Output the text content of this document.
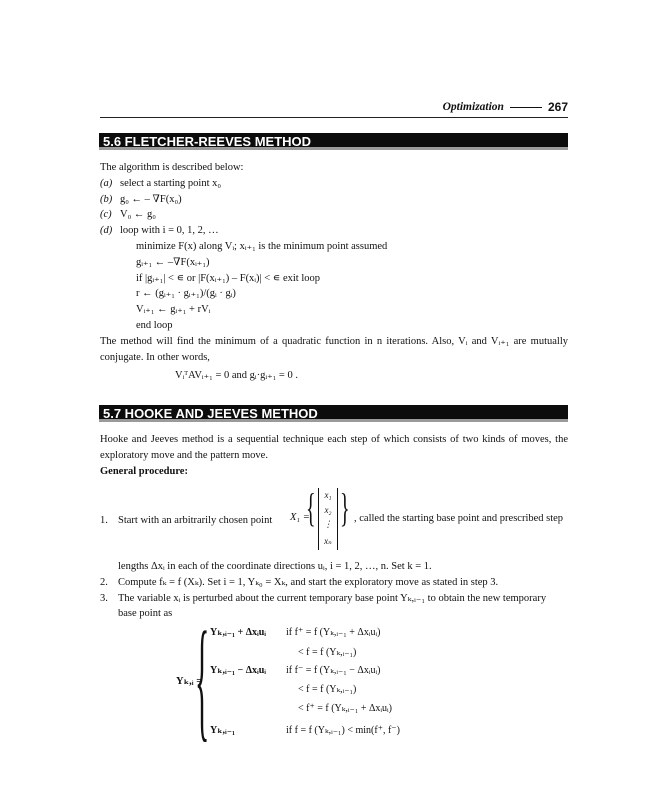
Optimization	267
5.6 FLETCHER-REEVES METHOD
The algorithm is described below:
(a) select a starting point x₀
(b) g₀ ← – ∇F(x₀)
(c) V₀ ← g₀
(d) loop with i = 0, 1, 2, …
minimize F(x) along Vᵢ; xᵢ₊₁ is the minimum point assumed
gᵢ₊₁ ← –∇F(xᵢ₊₁)
if |gᵢ₊₁| < ∊ or |F(xᵢ₊₁) – F(xᵢ)| < ∊ exit loop
r ← (gᵢ₊₁ · gᵢ₊₁)/(gᵢ · gᵢ)
Vᵢ₊₁ ← gᵢ₊₁ + rVᵢ
end loop
The method will find the minimum of a quadratic function in n iterations. Also, Vᵢ and Vᵢ₊₁ are mutually conjugate. In other words,
VᵢᵀAVᵢ₊₁ = 0 and gᵢ·gᵢ₊₁ = 0 .
5.7 HOOKE AND JEEVES METHOD
Hooke and Jeeves method is a sequential technique each step of which consists of two kinds of moves, the exploratory move and the pattern move.
General procedure:
1. Start with an arbitrarily chosen point	X₁ =
{ x₁
x₂
⋮
xₙ
} , called the starting base point and prescribed step
lengths Δxᵢ in each of the coordinate directions uᵢ, i = 1, 2, …, n. Set k = 1.
2. Compute fₖ = f (Xₖ). Set i = 1, Yₖ₀ = Xₖ, and start the exploratory move as stated in step 3.
3. The variable xᵢ is perturbed about the current temporary base point Yₖ,ᵢ₋₁ to obtain the new temporary
base point as
Yₖ,ᵢ =
{ Yₖ,ᵢ₋₁ + Δxᵢuᵢ if f⁺ = f (Yₖ,ᵢ₋₁ + Δxᵢuᵢ)
< f = f (Yₖ,ᵢ₋₁)
Yₖ,ᵢ₋₁ − Δxᵢuᵢ if f⁻ = f (Yₖ,ᵢ₋₁ − Δxᵢuᵢ)
< f = f (Yₖ,ᵢ₋₁)
< f⁺ = f (Yₖ,ᵢ₋₁ + Δxᵢuᵢ)
Yₖ,ᵢ₋₁	if f = f (Yₖ,ᵢ₋₁) < min(f⁺, f⁻)
